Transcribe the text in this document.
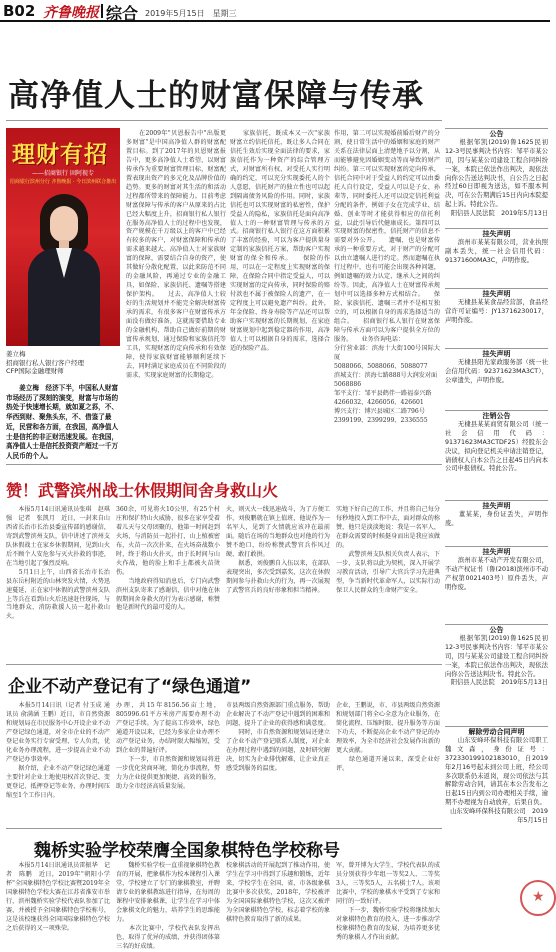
B02 齐鲁晚报 综合 2019年5月15日　星期三
高净值人士的财富保障与传承
理财有招
——招商银行 固阿视专
招商银行滨州分行 齐鲁晚报 · 今日滨州联合推出
姜立梅
招商银行私人银行客户经理
CFP国际金融理财师
　　姜立梅　经济下半，中国私人财富市场经历了深刻的演变，财富与市场的热处于快速增长期，就如夏之荪，不、华西到财、聚焦头东，不、借鉴了最近，民营和各方面，在我国，高净值人士是信托的非正财迅速发展。在我国，高净值人士是信托投资资产超过一千万人民币的个人。
　　在2009年"贝恩报告中"出版更多财富"是中国高净值人群的财富配置目标。到了2017年的贝恩财富报告中，更多高净值人士希望，以财富传承作为重要财富管理目标，财富配置表现出资产的多元化及品牌价值的趋势。更多的财富对其生活的和活动过程都所带来的保障能力。目前考虑财富保障与传承的客户从原来的占比已经大幅度上升，招商银行私人银行在服务高净值人士的过程中也发现，资产规模在千万级以上的客户中已经有较多的客户，对财富保障和传承的需求越来越大。高净值人士对家族财富的保障，需要结合自身的资产，使其做好分散化配置，以此来防范不同的金融风险，再通过专业的金融工具，如保险、家族信托、遗嘱等搭建保护架构。　　过去，高净值人士较好的生活规划并不能完全解决财富传承的需求，有很多客户在财富传承方面没有做好准备，这就需要借助专业的金融机构，帮助自己做好前期的财富传承规划，通过保险和家族信托等工具，实现财富的定向传承和有效保障，使得家族财富能够顺利延续下去，同时满足家庭成员在不同阶段的需求，实现家庭财富的长期稳定。
　　家族信托，既成本又一次"家族财富立约信托信托，既让多人合同在信托生效后实现全面法律的要求，家族信托作为一种资产的综合管理方式，对财富所有权、对受托人实行明确的约定，可以充分实现委托人的个人意愿，信托财产的独立性也可以起到隔离债务风险的作用。同时，家族信托也可以实现财富的私密性，保护受益人的隐私，家族信托是面向高净值人士的一种财富管理与传承的方式。招商银行私人银行在这方面积累了丰富的经验，可以为客户提供量身定制的家族信托方案，帮助客户实现财富的保全和传承。　　保险的作用，可以在一定程度上实现财富的保障，在保险合同中指定受益人，可以实现财富的定向传承，同时保险的赔付款也不属于被保险人的遗产，在一定程度上可以避免遗产纠纷。此外，年金保险、终身寿险等产品还可以帮助客户实现财富的长期规划，在家庭财富规划中起到稳定器的作用，高净值人士可以根据自身的需求，选择合适的保险产品。
作用，第二可以实现婚前婚后财产的分割，使日常生活中的婚姻和家庭的财产关系在法律层面上清楚地予以分割，从而能够避免因婚姻变动等而导致的财产纠纷。第三可以实现财富的定向传承，信托合同中对于受益人的约定可以由委托人自行设定，受益人可以是子女、孙辈等，同时委托人还可以设定信托利益分配的条件，例如子女在完成学业、结婚、创业等时才能获得相应的信托利益，以此引导后代健康成长。第四可以实现财富的保密性，信托财产的信息不需要对外公开。　　遗嘱，也是财富传承的一种重要方式，对于财产的分配可以由立遗嘱人进行约定。然而遗嘱在执行过程中，也有可能会出现各种问题，例如遗嘱的效力认定、继承人之间的纠纷等。因此，高净值人士在财富传承规划中可以选择多种方式相结合。　　保险、家族信托、遗嘱三者并不是相互独立的，可以根据自身的需求选择适当的组合。　　招商银行私人银行在财富保障与传承方面可以为客户提供全方位的服务。　　业务咨询电话：
分行营业部：滨海十大街100号国际大厦
5088066、5088066、5088077
滨城支行：滨海七路888号大润发对面
5068886
邹平支行：邹平县鹤伴一路福泰兴路
4266032、4266056、426601
博兴支行：博兴县城区二路796号
2399199、2399299、2336555
赞！武警滨州战士休假期间舍身救山火
　　本报5月14日讯通讯员张琪　赵琪强　记者　张凯月　近日，一封来自山西省长治市长治县委宣传部的感谢信，寄到武警滨州支队，信中讲述了滨州支队休假战士在家乡休假期间，见到山火后不顾个人安危参与灭火扑救的事迹，在当地引起了强烈反响。
　　5月1日上午，山西省长治市长治县东岳村附近的山林突发火情，火势迅速蔓延，正在家中休假的武警滨州支队上等兵在看到山火后迅速赶往现场，与当地群众、消防救援人员一起扑救山火。
360余，可见将火10公里，有25个村庄和保扩特山火威胁，很多在家享受着着儿天与父母团聚的，他第一时间赶到火场，与消防员一起扑打，山上植被密布，火苗一次次扑来，在火场奋战数小时，终于将山火扑灭，由于长时间与山火作战，他的脸上和手上都被火苗烫伤。
　　当地政府得知消息后，专门向武警滨州支队寄来了感谢信，信中对他在休假期间舍身救火的行为表示感谢，称赞他是新时代的最可爱的人。
火，则灭火一线迅速战斗，为了方便工作，刘俊鹏就在镇上值班，他说作为一名军人，见到了火情就应该冲在最前面。随后在场的当地群众也对他的行为赞不绝口，纷纷称赞武警官兵作风过硬、敢打敢拼。
　　据悉，刘俊鹏自入伍以来，在部队表现突出，多次受到嘉奖，这次在休假期间参与扑救山火的行为，再一次展现了武警官兵的良好形象和担当精神。
实地下好自己的工作，并且将自己每分每秒地投入到工作中去，面对群众的称赞，他只是淡淡地说：我是一名军人，在群众需要的时候挺身而出是我应该做的。
　　武警滨州支队相关负责人表示，下一步，支队将以此为契机，深入开展学习教育活动，引导广大官兵学习先进典型，争当新时代革命军人，以实际行动保卫人民群众的生命财产安全。
企业不动产登记有了“绿色通道”
　　本报5月14日讯（记者 付玉成 通讯员 俞满涵 王鹏）近日，市自然资源和规划局在市民服务中心开设企业不动产登记绿色通道，对全市企业的不动产登记业务实行专窗受理、专人负责，优化业务办理流程，进一步提高企业不动产登记办事效率。
　　据介绍，企业不动产登记绿色通道主要针对企业土地使用权首次登记、变更登记、抵押登记等业务，办理时间压缩至1个工作日内。
办理，共15年8156.56亩土地，805996.61平方米房产需要办理不动产登记手续。为了提高工作效率，绿色通道开设以来，已经为多家企业办理不动产登记业务，办结时限大幅缩短，受到企业的普遍好评。
　　下一步，市自然资源和规划局将进一步优化营商环境，简化办事流程，努力为企业提供更加便捷、高效的服务，助力全市经济高质量发展。
市县两级自然资源部门重点服务，帮助企业解决了不动产登记中遇到的困难和问题，提升了企业的获得感和满意度。
　　同时，市自然资源和规划局还建立了企业不动产登记联系人制度，对企业在办理过程中遇到的问题，及时研究解决，切实为企业排忧解难，让企业真正感受到服务的温度。
企业，王鹏说，市、市县两级自然资源和规划部门将全心全意为企业服务，在简化流程、压缩时限、提升服务等方面下功夫，不断提高企业不动产登记的办理效率，为全市经济社会发展作出新的更大贡献。
　　绿色通道开通以来，深受企业好评。
魏桥实验学校荣膺全国象棋特色学校称号
　　本报5月14日讯通讯员雷振华　记者　陈鹏　近日，2019年"朝阳小学杯"全国象棋特色学校比赛暨2019年全国象棋特色学校大赛在江苏省淮安市举行，滨州魏桥实验学校代表队参加了比赛，并被授予全国象棋特色学校称号，这是该校继获得全国国际象棋特色学校之后获得的又一项殊荣。
　　魏桥实验学校一直重视象棋特色教育的开展，把象棋作为校本课程引入课堂，学校建立了专门的象棋教室，并聘请专业的象棋教练进行指导，在每周的课程中安排象棋课，让学生在学习中体会象棋文化的魅力，培养学生的思维能力。
　　本次比赛中，学校代表队发挥出色，取得了优异的成绩，并获得团体第三名的好成绩。
校象棋活动的开展起到了推动作用，使学生在学习中得到了乐趣和锻炼，近年来，学校学生在全国、省、市各级象棋比赛中多次获奖，2018年，学校被评为全国国际象棋特色学校，这次又被评为全国象棋特色学校，标志着学校的象棋特色教育取得了新的成果。
军，曾开博为大学生，学校代表队的成员分别获得少年组一等奖2人、二等奖3人、三等奖5人，五名棋士7人。该项比赛中，学校的象棋水平受到了专家和同行的一致好评。
　　下一步，魏桥实验学校将继续加大对象棋特色教育的投入，进一步推动学校象棋特色教育的发展，为培养更多优秀的象棋人才作出贡献。
公告
　　根据邹凯(2019)鲁1625民初12-3号民事判决书内容：邹平市某公司，因与某某公司建设工程合同纠纷一案，本院已依法作出判决，现依法向你公告送达判决书，自公告之日起经过60日即视为送达，如不服本判决，可在公告期满后15日内向本院提起上诉。特此公告。
阳信县人民法院　2019年5月13日
挂失声明
　　滨州市某某有限公司，营业执照副本丢失，统一社会信用代码：91371600MA3C，声明作废。
挂失声明
　　无棣县某某食品经营部，食品经营许可证编号：JY13716230017，声明作废。
挂失声明
　　无棣县阳光家政服务部（统一社会信用代码：92371623MA3CT），公章遗失，声明作废。
注销公告
　　无棣县某某商贸有限公司（统一社会信用代码：91371623MA3CTDF25）经股东会决议，拟向登记机关申请注销登记，请债权人自本公告之日起45日内向本公司申报债权。特此公告。
挂失声明
　　董某某，身份证丢失，声明作废。
挂失声明
　　滨州市某不动产开发有限公司，不动产权证书（鲁(2018)滨州市不动产权第0021403号）原件丢失，声明作废。
公告
　　根据邹凯(2019)鲁1625民初12-3号民事判决书内容：邹平市某公司，因与某某公司建设工程合同纠纷一案，本院已依法作出判决，现依法向你公告送达判决书。特此公告。
阳信县人民法院　2019年5月13日
解除劳动合同声明
　　山东安峰环保科技有限公司职工魏文森，身份证号：372330199102183010，自2019年2月16号起未到公司上班，经公司多次联系仍未返岗，现公司依法与其解除劳动合同，请其在本公告发布之日起15日内到公司办理相关手续，逾期不办理视为自动放弃，后果自负。
山东安峰环保科技有限公司　2019年5月15日
★
